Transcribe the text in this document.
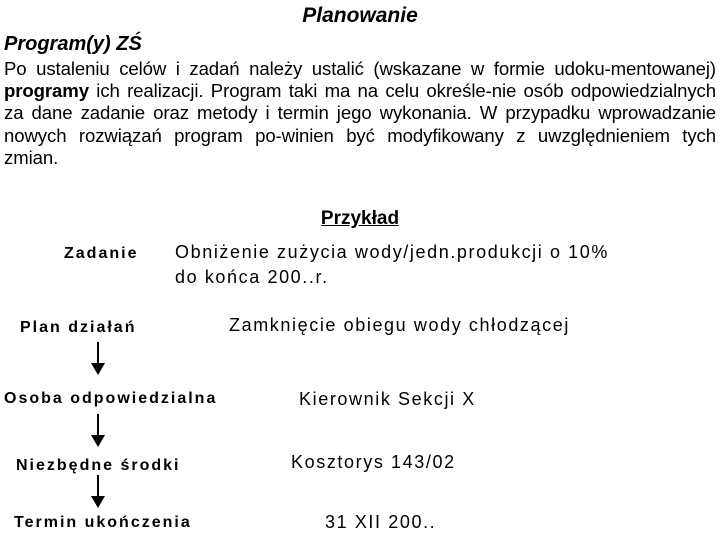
Planowanie
Program(y) ZŚ
Po ustaleniu celów i zadań należy ustalić (wskazane w formie udoku-mentowanej) programy ich realizacji. Program taki ma na celu określe-nie osób odpowiedzialnych za dane zadanie oraz metody i termin jego wykonania. W przypadku wprowadzanie nowych rozwiązań program po-winien być modyfikowany z uwzględnieniem tych zmian.
Przykład
Zadanie Obniżenie zużycia wody/jedn.produkcji o 10%
do końca 200..r.
Plan działań	Zamknięcie obiegu wody chłodzącej
Osoba odpowiedzialna	Kierownik Sekcji X
Niezbędne środki	Kosztorys 143/02
Termin ukończenia	31 XII 200..
